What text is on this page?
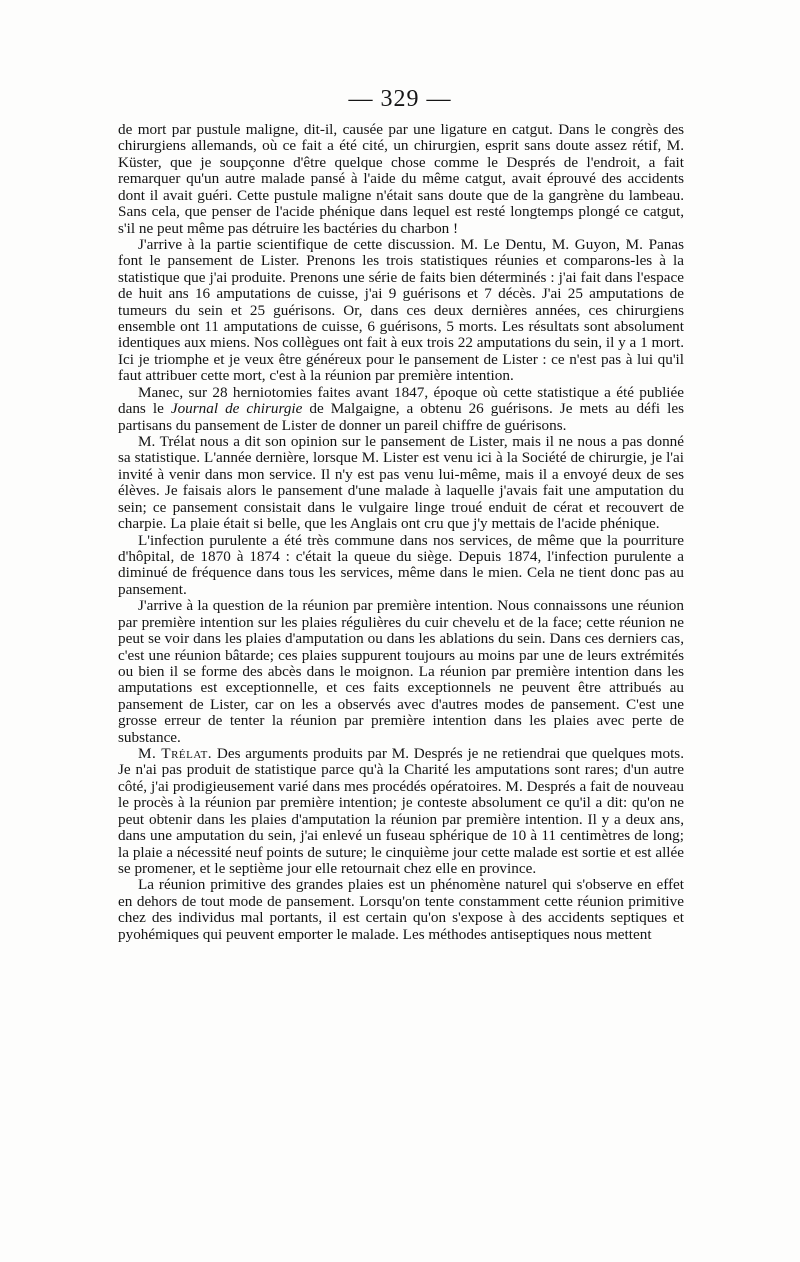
— 329 —

de mort par pustule maligne, dit-il, causée par une ligature en catgut. Dans le congrès des chirurgiens allemands, où ce fait a été cité, un chirurgien, esprit sans doute assez rétif, M. Küster, que je soupçonne d'être quelque chose comme le Després de l'endroit, a fait remarquer qu'un autre malade pansé à l'aide du même catgut, avait éprouvé des accidents dont il avait guéri. Cette pustule maligne n'était sans doute que de la gangrène du lambeau. Sans cela, que penser de l'acide phénique dans lequel est resté longtemps plongé ce catgut, s'il ne peut même pas détruire les bactéries du charbon !

J'arrive à la partie scientifique de cette discussion. M. Le Dentu, M. Guyon, M. Panas font le pansement de Lister. Prenons les trois statistiques réunies et comparons-les à la statistique que j'ai produite. Prenons une série de faits bien déterminés : j'ai fait dans l'espace de huit ans 16 amputations de cuisse, j'ai 9 guérisons et 7 décès. J'ai 25 amputations de tumeurs du sein et 25 guérisons. Or, dans ces deux dernières années, ces chirurgiens ensemble ont 11 amputations de cuisse, 6 guérisons, 5 morts. Les résultats sont absolument identiques aux miens. Nos collègues ont fait à eux trois 22 amputations du sein, il y a 1 mort. Ici je triomphe et je veux être généreux pour le pansement de Lister : ce n'est pas à lui qu'il faut attribuer cette mort, c'est à la réunion par première intention.

Manec, sur 28 herniotomies faites avant 1847, époque où cette statistique a été publiée dans le Journal de chirurgie de Malgaigne, a obtenu 26 guérisons. Je mets au défi les partisans du pansement de Lister de donner un pareil chiffre de guérisons.

M. Trélat nous a dit son opinion sur le pansement de Lister, mais il ne nous a pas donné sa statistique. L'année dernière, lorsque M. Lister est venu ici à la Société de chirurgie, je l'ai invité à venir dans mon service. Il n'y est pas venu lui-même, mais il a envoyé deux de ses élèves. Je faisais alors le pansement d'une malade à laquelle j'avais fait une amputation du sein; ce pansement consistait dans le vulgaire linge troué enduit de cérat et recouvert de charpie. La plaie était si belle, que les Anglais ont cru que j'y mettais de l'acide phénique.

L'infection purulente a été très commune dans nos services, de même que la pourriture d'hôpital, de 1870 à 1874 : c'était la queue du siège. Depuis 1874, l'infection purulente a diminué de fréquence dans tous les services, même dans le mien. Cela ne tient donc pas au pansement.

J'arrive à la question de la réunion par première intention. Nous connaissons une réunion par première intention sur les plaies régulières du cuir chevelu et de la face; cette réunion ne peut se voir dans les plaies d'amputation ou dans les ablations du sein. Dans ces derniers cas, c'est une réunion bâtarde; ces plaies suppurent toujours au moins par une de leurs extrémités ou bien il se forme des abcès dans le moignon. La réunion par première intention dans les amputations est exceptionnelle, et ces faits exceptionnels ne peuvent être attribués au pansement de Lister, car on les a observés avec d'autres modes de pansement. C'est une grosse erreur de tenter la réunion par première intention dans les plaies avec perte de substance.

M. Trélat. Des arguments produits par M. Després je ne retiendrai que quelques mots. Je n'ai pas produit de statistique parce qu'à la Charité les amputations sont rares; d'un autre côté, j'ai prodigieusement varié dans mes procédés opératoires. M. Després a fait de nouveau le procès à la réunion par première intention; je conteste absolument ce qu'il a dit: qu'on ne peut obtenir dans les plaies d'amputation la réunion par première intention. Il y a deux ans, dans une amputation du sein, j'ai enlevé un fuseau sphérique de 10 à 11 centimètres de long; la plaie a nécessité neuf points de suture; le cinquième jour cette malade est sortie et est allée se promener, et le septième jour elle retournait chez elle en province.

La réunion primitive des grandes plaies est un phénomène naturel qui s'observe en effet en dehors de tout mode de pansement. Lorsqu'on tente constamment cette réunion primitive chez des individus mal portants, il est certain qu'on s'expose à des accidents septiques et pyohémiques qui peuvent emporter le malade. Les méthodes antiseptiques nous mettent
